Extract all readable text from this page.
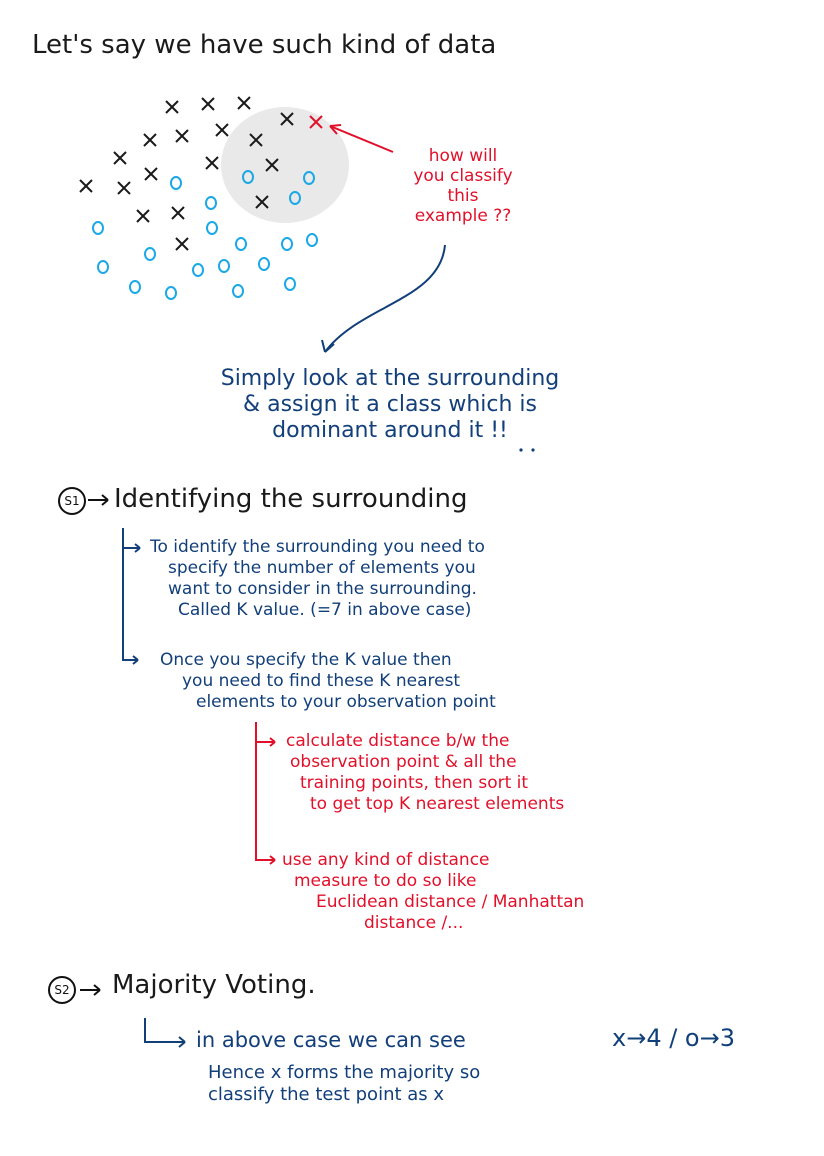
Let's say we have such kind of data

how will
you classify
this
example ??
Simply look at the surrounding
& assign it a class which is
dominant around it !!
S1 Identifying the surrounding

To identify the surrounding you need to
specify the number of elements you
want to consider in the surrounding.
Called K value. (=7 in above case)
Once you specify the K value then
you need to find these K nearest
elements to your observation point
calculate distance b/w the
observation point & all the
training points, then sort it
to get top K nearest elements
use any kind of distance
measure to do so like
Euclidean distance / Manhattan
distance /...
S2 Majority Voting.

in above case we can see	x→4 / o→3

Hence x forms the majority so
classify the test point as x
